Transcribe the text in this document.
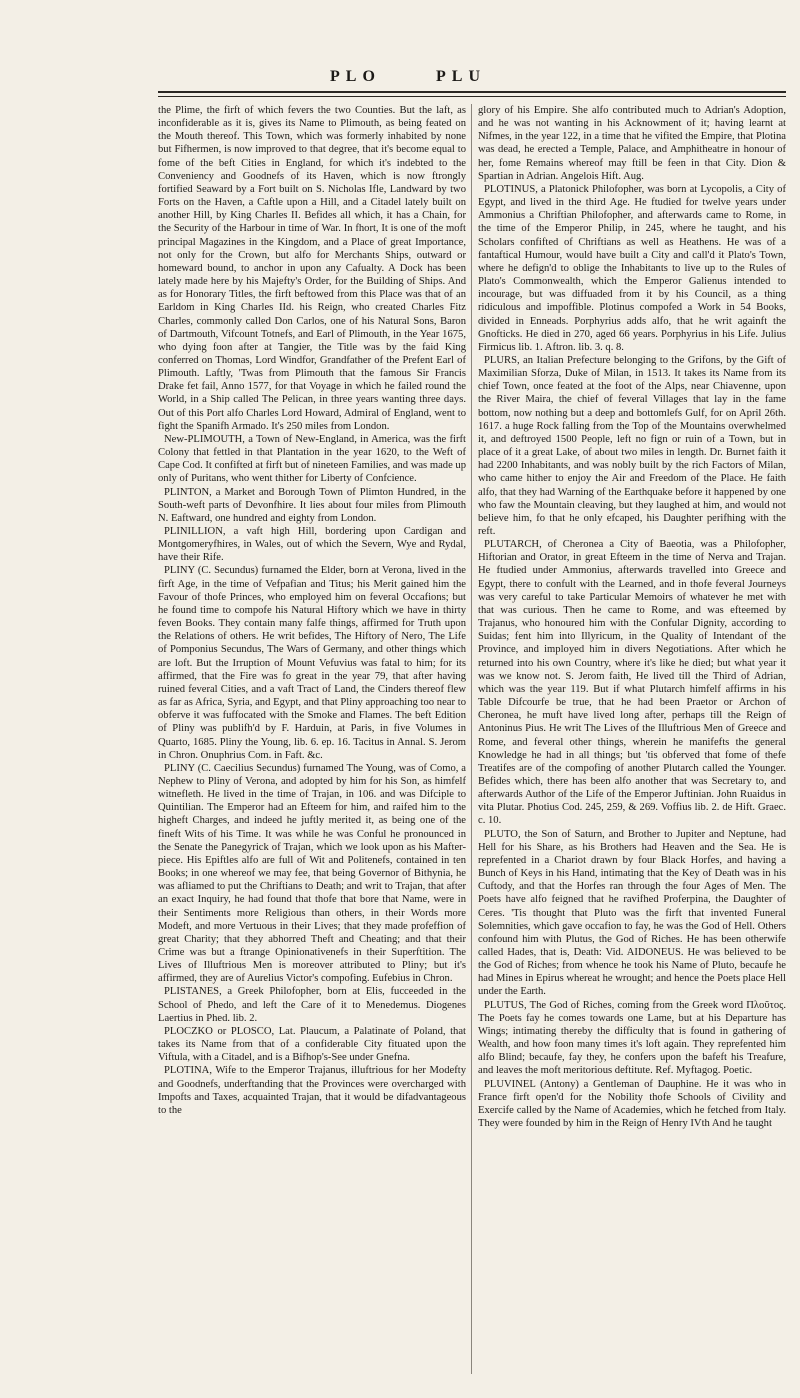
PLO	PLU

the Plime, the firft of which fevers the two Counties. But the laft, as inconfiderable as it is, gives its Name to Plimouth, as being feated on the Mouth thereof. This Town, which was formerly inhabited by none but Fifhermen, is now improved to that degree, that it's become equal to fome of the beft Cities in England, for which it's indebted to the Conveniency and Goodnefs of its Haven, which is now ftrongly fortified Seaward by a Fort built on S. Nicholas Ifle, Landward by two Forts on the Haven, a Caftle upon a Hill, and a Citadel lately built on another Hill, by King Charles II. Befides all which, it has a Chain, for the Security of the Harbour in time of War. In fhort, It is one of the moft principal Magazines in the Kingdom, and a Place of great Importance, not only for the Crown, but alfo for Merchants Ships, outward or homeward bound, to anchor in upon any Cafualty. A Dock has been lately made here by his Majefty's Order, for the Building of Ships. And as for Honorary Titles, the firft beftowed from this Place was that of an Earldom in King Charles IId. his Reign, who created Charles Fitz Charles, commonly called Don Carlos, one of his Natural Sons, Baron of Dartmouth, Vifcount Totnefs, and Earl of Plimouth, in the Year 1675, who dying foon after at Tangier, the Title was by the faid King conferred on Thomas, Lord Windfor, Grandfather of the Prefent Earl of Plimouth. Laftly, 'Twas from Plimouth that the famous Sir Francis Drake fet fail, Anno 1577, for that Voyage in which he failed round the World, in a Ship called The Pelican, in three years wanting three days. Out of this Port alfo Charles Lord Howard, Admiral of England, went to fight the Spanifh Armado. It's 250 miles from London.

New-PLIMOUTH, a Town of New-England, in America, was the firft Colony that fettled in that Plantation in the year 1620, to the Weft of Cape Cod. It confifted at firft but of nineteen Families, and was made up only of Puritans, who went thither for Liberty of Confcience.

PLINTON, a Market and Borough Town of Plimton Hundred, in the South-weft parts of Devonfhire. It lies about four miles from Plimouth N. Eaftward, one hundred and eighty from London.

PLINILLION, a vaft high Hill, bordering upon Cardigan and Montgomeryfhires, in Wales, out of which the Severn, Wye and Rydal, have their Rife.

PLINY (C. Secundus) furnamed the Elder, born at Verona, lived in the firft Age, in the time of Vefpafian and Titus; his Merit gained him the Favour of thofe Princes, who employed him on feveral Occafions; but he found time to compofe his Natural Hiftory which we have in thirty feven Books. They contain many falfe things, affirmed for Truth upon the Relations of others. He writ befides, The Hiftory of Nero, The Life of Pomponius Secundus, The Wars of Germany, and other things which are loft. But the Irruption of Mount Vefuvius was fatal to him; for its affirmed, that the Fire was fo great in the year 79, that after having ruined feveral Cities, and a vaft Tract of Land, the Cinders thereof flew as far as Africa, Syria, and Egypt, and that Pliny approaching too near to obferve it was fuffocated with the Smoke and Flames. The beft Edition of Pliny was publifh'd by F. Harduin, at Paris, in five Volumes in Quarto, 1685. Pliny the Young, lib. 6. ep. 16. Tacitus in Annal. S. Jerom in Chron. Onuphrius Com. in Faft. &c.

PLINY (C. Caecilius Secundus) furnamed The Young, was of Como, a Nephew to Pliny of Verona, and adopted by him for his Son, as himfelf witnefleth. He lived in the time of Trajan, in 106. and was Difciple to Quintilian. The Emperor had an Efteem for him, and raifed him to the higheft Charges, and indeed he juftly merited it, as being one of the fineft Wits of his Time. It was while he was Conful he pronounced in the Senate the Panegyrick of Trajan, which we look upon as his Mafter-piece. His Epiftles alfo are full of Wit and Politenefs, contained in ten Books; in one whereof we may fee, that being Governor of Bithynia, he was afliamed to put the Chriftians to Death; and writ to Trajan, that after an exact Inquiry, he had found that thofe that bore that Name, were in their Sentiments more Religious than others, in their Words more Modeft, and more Vertuous in their Lives; that they made profeffion of great Charity; that they abhorred Theft and Cheating; and that their Crime was but a ftrange Opinionativenefs in their Superftition. The Lives of Illuftrious Men is moreover attributed to Pliny; but it's affirmed, they are of Aurelius Victor's compofing. Eufebius in Chron.

PLISTANES, a Greek Philofopher, born at Elis, fucceeded in the School of Phedo, and left the Care of it to Menedemus. Diogenes Laertius in Phed. lib. 2.

PLOCZKO or PLOSCO, Lat. Plaucum, a Palatinate of Poland, that takes its Name from that of a confiderable City fituated upon the Viftula, with a Citadel, and is a Bifhop's-See under Gnefna.

PLOTINA, Wife to the Emperor Trajanus, illuftrious for her Modefty and Goodnefs, underftanding that the Provinces were overcharged with Impofts and Taxes, acquainted Trajan, that it would be difadvantageous to the

glory of his Empire. She alfo contributed much to Adrian's Adoption, and he was not wanting in his Acknowment of it; having learnt at Nifmes, in the year 122, in a time that he vifited the Empire, that Plotina was dead, he erected a Temple, Palace, and Amphitheatre in honour of her, fome Remains whereof may ftill be feen in that City. Dion & Spartian in Adrian. Angelois Hift. Aug.

PLOTINUS, a Platonick Philofopher, was born at Lycopolis, a City of Egypt, and lived in the third Age. He ftudied for twelve years under Ammonius a Chriftian Philofopher, and afterwards came to Rome, in the time of the Emperor Philip, in 245, where he taught, and his Scholars confifted of Chriftians as well as Heathens. He was of a fantaftical Humour, would have built a City and call'd it Plato's Town, where he defign'd to oblige the Inhabitants to live up to the Rules of Plato's Commonwealth, which the Emperor Galienus intended to incourage, but was diffuaded from it by his Council, as a thing ridiculous and impoffible. Plotinus compofed a Work in 54 Books, divided in Enneads. Porphyrius adds alfo, that he writ againft the Gnofticks. He died in 270, aged 66 years. Porphyrius in his Life. Julius Firmicus lib. 1. Aftron. lib. 3. q. 8.

PLURS, an Italian Prefecture belonging to the Grifons, by the Gift of Maximilian Sforza, Duke of Milan, in 1513. It takes its Name from its chief Town, once feated at the foot of the Alps, near Chiavenne, upon the River Maira, the chief of feveral Villages that lay in the fame bottom, now nothing but a deep and bottomlefs Gulf, for on April 26th. 1617. a huge Rock falling from the Top of the Mountains overwhelmed it, and deftroyed 1500 People, left no fign or ruin of a Town, but in place of it a great Lake, of about two miles in length. Dr. Burnet faith it had 2200 Inhabitants, and was nobly built by the rich Factors of Milan, who came hither to enjoy the Air and Freedom of the Place. He faith alfo, that they had Warning of the Earthquake before it happened by one who faw the Mountain cleaving, but they laughed at him, and would not believe him, fo that he only efcaped, his Daughter perifhing with the reft.

PLUTARCH, of Cheronea a City of Baeotia, was a Philofopher, Hiftorian and Orator, in great Efteem in the time of Nerva and Trajan. He ftudied under Ammonius, afterwards travelled into Greece and Egypt, there to confult with the Learned, and in thofe feveral Journeys was very careful to take Particular Memoirs of whatever he met with that was curious. Then he came to Rome, and was efteemed by Trajanus, who honoured him with the Confular Dignity, according to Suidas; fent him into Illyricum, in the Quality of Intendant of the Province, and imployed him in divers Negotiations. After which he returned into his own Country, where it's like he died; but what year it was we know not. S. Jerom faith, He lived till the Third of Adrian, which was the year 119. But if what Plutarch himfelf affirms in his Table Difcourfe be true, that he had been Praetor or Archon of Cheronea, he muft have lived long after, perhaps till the Reign of Antoninus Pius. He writ The Lives of the Illuftrious Men of Greece and Rome, and feveral other things, wherein he manifefts the general Knowledge he had in all things; but 'tis obferved that fome of thefe Treatifes are of the compofing of another Plutarch called the Younger. Befides which, there has been alfo another that was Secretary to, and afterwards Author of the Life of the Emperor Juftinian. John Ruaidus in vita Plutar. Photius Cod. 245, 259, & 269. Voffius lib. 2. de Hift. Graec. c. 10.

PLUTO, the Son of Saturn, and Brother to Jupiter and Neptune, had Hell for his Share, as his Brothers had Heaven and the Sea. He is reprefented in a Chariot drawn by four Black Horfes, and having a Bunch of Keys in his Hand, intimating that the Key of Death was in his Cuftody, and that the Horfes ran through the four Ages of Men. The Poets have alfo feigned that he ravifhed Proferpina, the Daughter of Ceres. 'Tis thought that Pluto was the firft that invented Funeral Solemnities, which gave occafion to fay, he was the God of Hell. Others confound him with Plutus, the God of Riches. He has been otherwife called Hades, that is, Death: Vid. AIDONEUS. He was believed to be the God of Riches; from whence he took his Name of Pluto, becaufe he had Mines in Epirus whereat he wrought; and hence the Poets place Hell under the Earth.

PLUTUS, The God of Riches, coming from the Greek word Πλοῦτος. The Poets fay he comes towards one Lame, but at his Departure has Wings; intimating thereby the difficulty that is found in gathering of Wealth, and how foon many times it's loft again. They reprefented him alfo Blind; becaufe, fay they, he confers upon the bafeft his Treafure, and leaves the moft meritorious deftitute. Ref. Myftagog. Poetic.

PLUVINEL (Antony) a Gentleman of Dauphine. He it was who in France firft open'd for the Nobility thofe Schools of Civility and Exercife called by the Name of Academies, which he fetched from Italy. They were founded by him in the Reign of Henry IVth And he taught
